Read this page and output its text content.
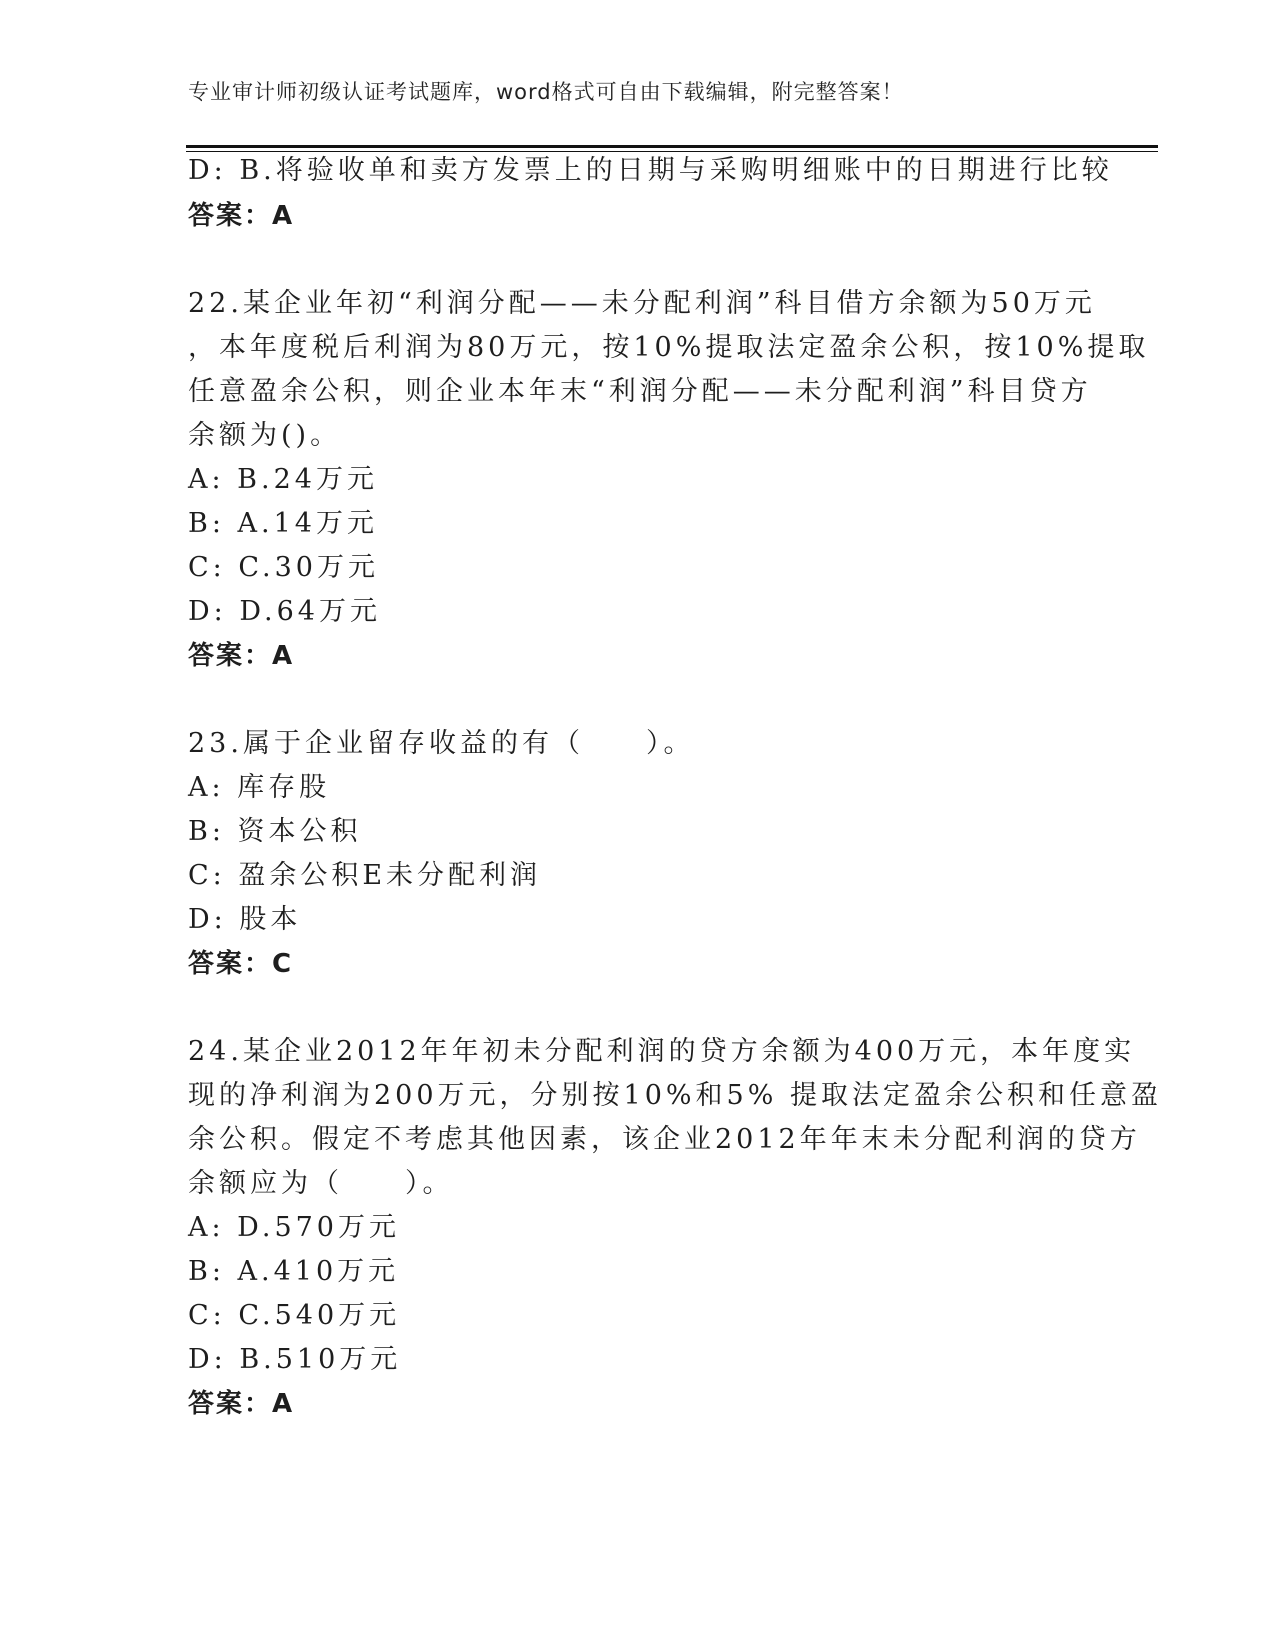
专业审计师初级认证考试题库，word格式可自由下载编辑，附完整答案！
D: B.将验收单和卖方发票上的日期与采购明细账中的日期进行比较
答案：A
22.某企业年初“利润分配——未分配利润”科目借方余额为50万元
，本年度税后利润为80万元，按10%提取法定盈余公积，按10%提取
任意盈余公积，则企业本年末“利润分配——未分配利润”科目贷方
余额为()。
A: B.24万元
B: A.14万元
C: C.30万元
D: D.64万元
答案：A
23.属于企业留存收益的有（　　）。
A: 库存股
B: 资本公积
C: 盈余公积E未分配利润
D: 股本
答案：C
24.某企业2012年年初未分配利润的贷方余额为400万元，本年度实
现的净利润为200万元，分别按10%和5% 提取法定盈余公积和任意盈
余公积。假定不考虑其他因素，该企业2012年年末未分配利润的贷方
余额应为（　　）。
A: D.570万元
B: A.410万元
C: C.540万元
D: B.510万元
答案：A
